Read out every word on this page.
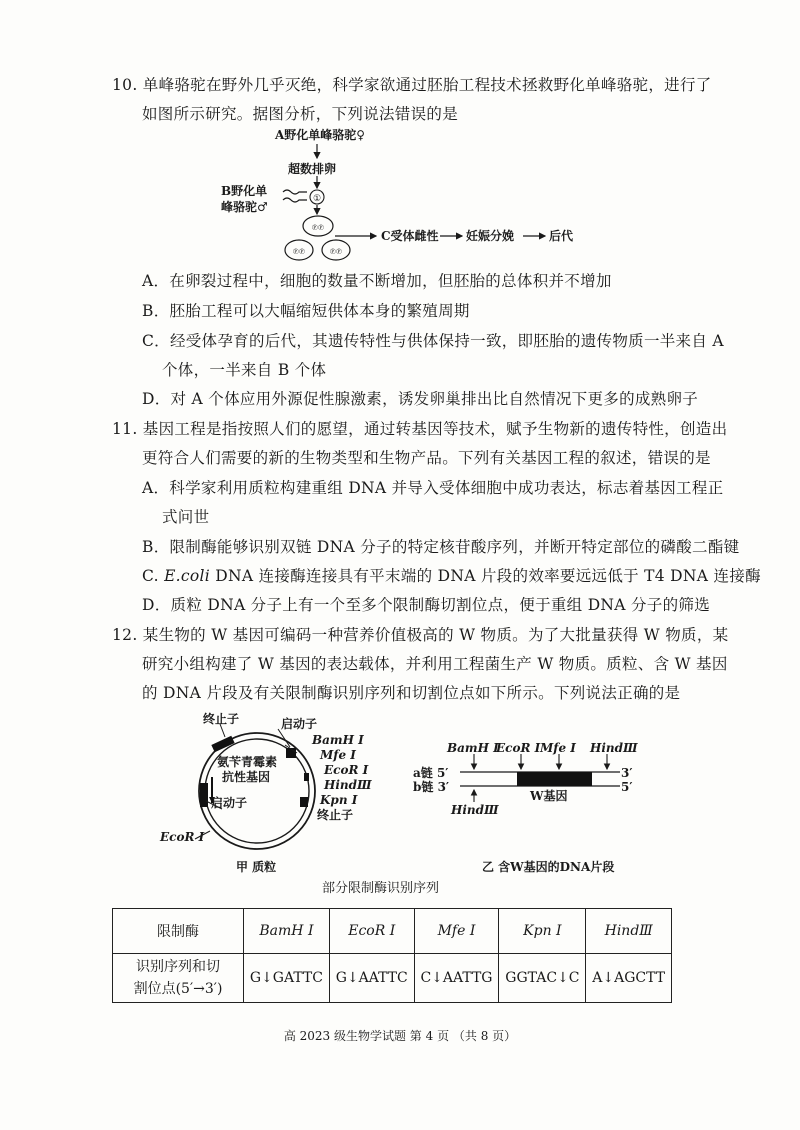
10. 单峰骆驼在野外几乎灭绝，科学家欲通过胚胎工程技术拯救野化单峰骆驼，进行了
如图所示研究。据图分析，下列说法错误的是
A野化单峰骆驼♀
超数排卵
B野化单
峰骆驼♂
C受体雌性 妊娠分娩	后代
①
℗℗
℗℗	℗℗
A．在卵裂过程中，细胞的数量不断增加，但胚胎的总体积并不增加
B．胚胎工程可以大幅缩短供体本身的繁殖周期
C．经受体孕育的后代，其遗传特性与供体保持一致，即胚胎的遗传物质一半来自 A
个体，一半来自 B 个体
D．对 A 个体应用外源促性腺激素，诱发卵巢排出比自然情况下更多的成熟卵子
11. 基因工程是指按照人们的愿望，通过转基因等技术，赋予生物新的遗传特性，创造出
更符合人们需要的新的生物类型和生物产品。下列有关基因工程的叙述，错误的是
A．科学家利用质粒构建重组 DNA 并导入受体细胞中成功表达，标志着基因工程正
式问世
B．限制酶能够识别双链 DNA 分子的特定核苷酸序列，并断开特定部位的磷酸二酯键
C. E.coli DNA 连接酶连接具有平末端的 DNA 片段的效率要远远低于 T4 DNA 连接酶
D．质粒 DNA 分子上有一个至多个限制酶切割位点，便于重组 DNA 分子的筛选
12. 某生物的 W 基因可编码一种营养价值极高的 W 物质。为了大批量获得 W 物质，某
研究小组构建了 W 基因的表达载体，并利用工程菌生产 W 物质。质粒、含 W 基因
的 DNA 片段及有关限制酶识别序列和切割位点如下所示。下列说法正确的是
终止子	启动子
BamH Ⅰ
Mfe Ⅰ
EcoR Ⅰ
HindⅢ
Kpn Ⅰ
终止子
氨苄青霉素
抗性基因
启动子
EcoR Ⅰ
甲 质粒
BamH Ⅰ
EcoR Ⅰ Mfe Ⅰ HindⅢ
a链 5′	3′
b链 3′	5′
HindⅢ
W基因
乙 含W基因的DNA片段
部分限制酶识别序列
限制酶	BamH Ⅰ	EcoR Ⅰ	Mfe Ⅰ	Kpn Ⅰ	HindⅢ
识别序列和切
割位点(5′→3′)	G↓GATTC	G↓AATTC	C↓AATTG	GGTAC↓C	A↓AGCTT
高 2023 级生物学试题 第 4 页 （共 8 页）
